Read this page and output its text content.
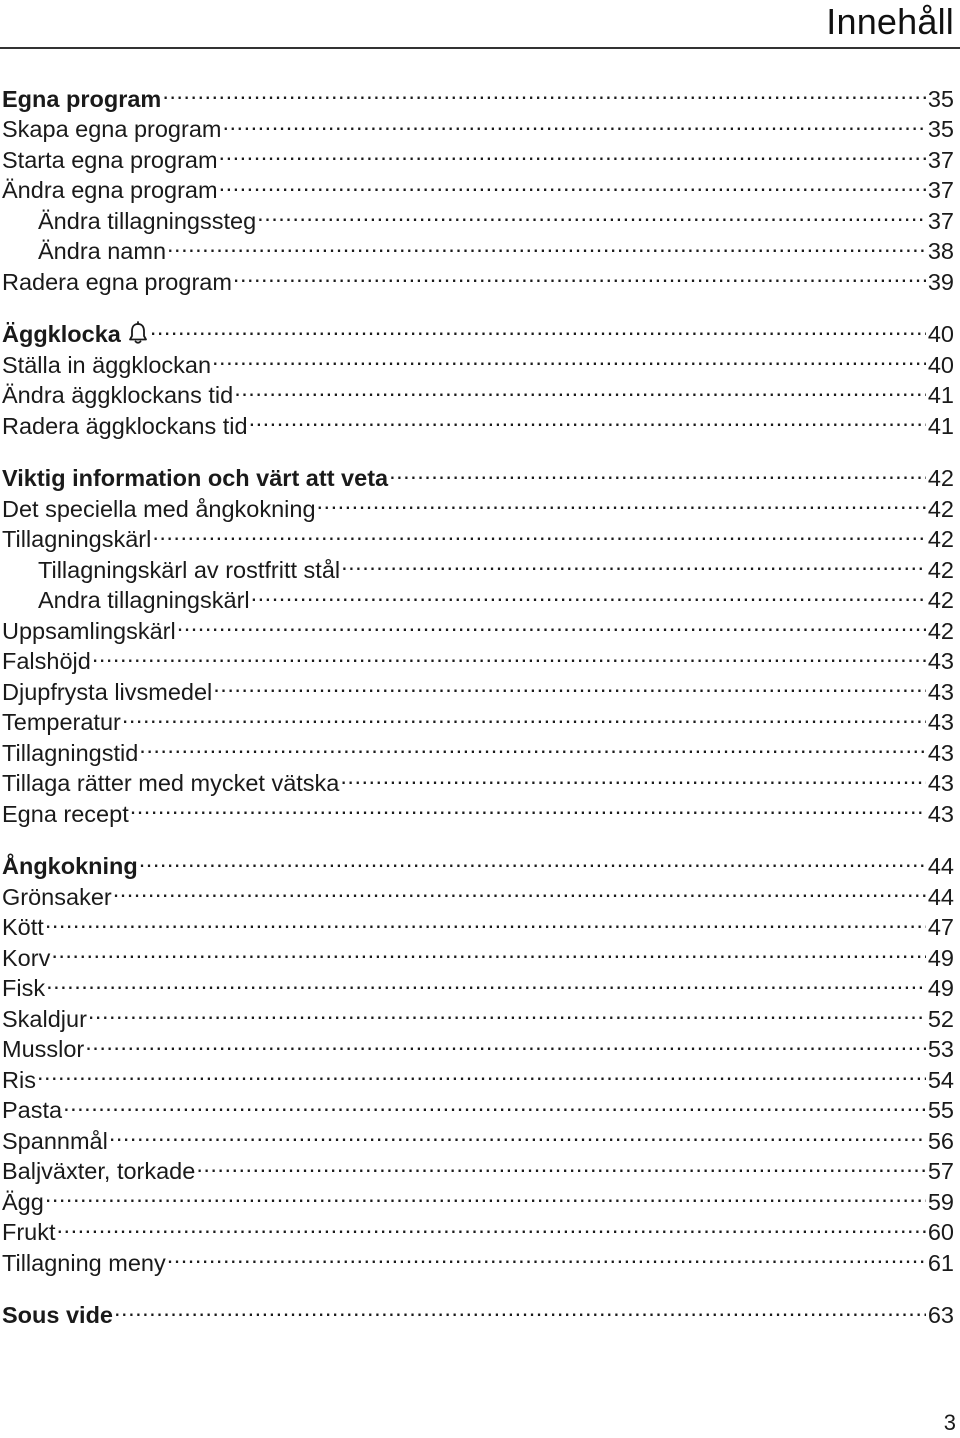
Innehåll
Egna program .....	35
Skapa egna program .....	35
Starta egna program .....	37
Ändra egna program .....	37
Ändra tillagningssteg .....	37
Ändra namn .....	38
Radera egna program .....	39
Äggklocka .....	40
Ställa in äggklockan .....	40
Ändra äggklockans tid .....	41
Radera äggklockans tid .....	41
Viktig information och värt att veta .....	42
Det speciella med ångkokning .....	42
Tillagningskärl .....	42
Tillagningskärl av rostfritt stål .....	42
Andra tillagningskärl .....	42
Uppsamlingskärl .....	42
Falshöjd .....	43
Djupfrysta livsmedel .....	43
Temperatur .....	43
Tillagningstid .....	43
Tillaga rätter med mycket vätska .....	43
Egna recept .....	43
Ångkokning .....	44
Grönsaker .....	44
Kött .....	47
Korv .....	49
Fisk .....	49
Skaldjur .....	52
Musslor .....	53
Ris .....	54
Pasta .....	55
Spannmål .....	56
Baljväxter, torkade .....	57
Ägg .....	59
Frukt .....	60
Tillagning meny .....	61
Sous vide .....	63
3
